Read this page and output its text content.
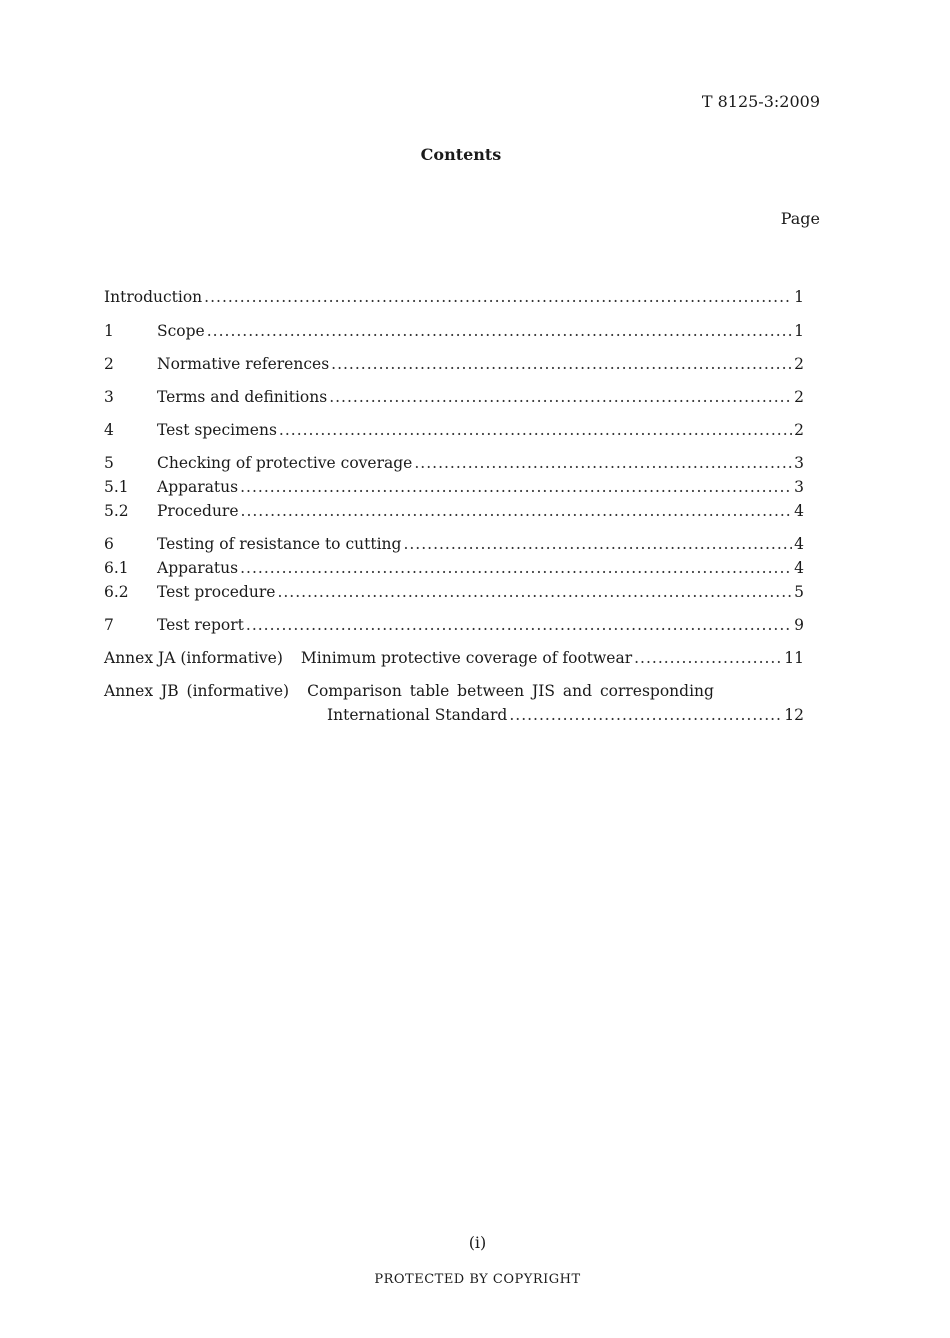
T 8125-3:2009
Contents
Page
Introduction .....	1
1	Scope .....	1
2	Normative references .....	2
3	Terms and definitions .....	2
4	Test specimens .....	2
5	Checking of protective coverage .....	3
5.1	Apparatus .....	3
5.2	Procedure .....	4
6	Testing of resistance to cutting .....	4
6.1	Apparatus .....	4
6.2	Test procedure .....	5
7	Test report .....	9
Annex JA (informative) Minimum protective coverage of footwear .....	11
Annex JB (informative) Comparison table between JIS and corresponding
International Standard .....	12
(i)
PROTECTED BY COPYRIGHT
